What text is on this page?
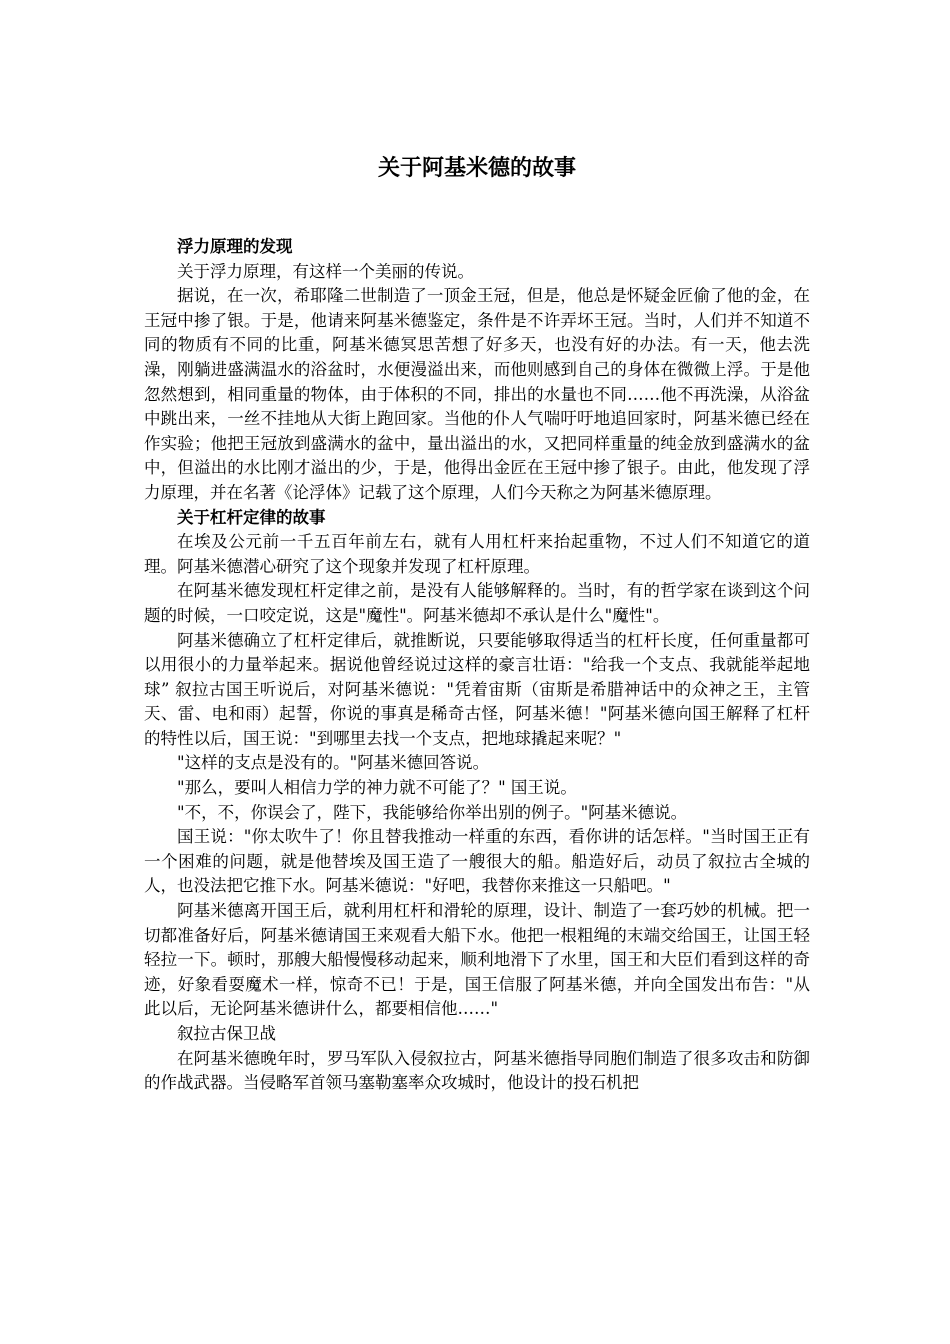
关于阿基米德的故事
浮力原理的发现

关于浮力原理，有这样一个美丽的传说。

据说，在一次，希耶隆二世制造了一顶金王冠，但是，他总是怀疑金匠偷了他的金，在王冠中掺了银。于是，他请来阿基米德鉴定，条件是不许弄坏王冠。当时，人们并不知道不同的物质有不同的比重，阿基米德冥思苦想了好多天，也没有好的办法。有一天，他去洗澡，刚躺进盛满温水的浴盆时，水便漫溢出来，而他则感到自己的身体在微微上浮。于是他忽然想到，相同重量的物体，由于体积的不同，排出的水量也不同……他不再洗澡，从浴盆中跳出来，一丝不挂地从大街上跑回家。当他的仆人气喘吁吁地追回家时，阿基米德已经在作实验；他把王冠放到盛满水的盆中，量出溢出的水，又把同样重量的纯金放到盛满水的盆中，但溢出的水比刚才溢出的少，于是，他得出金匠在王冠中掺了银子。由此，他发现了浮力原理，并在名著《论浮体》记载了这个原理，人们今天称之为阿基米德原理。

关于杠杆定律的故事

在埃及公元前一千五百年前左右，就有人用杠杆来抬起重物，不过人们不知道它的道理。阿基米德潜心研究了这个现象并发现了杠杆原理。

在阿基米德发现杠杆定律之前，是没有人能够解释的。当时，有的哲学家在谈到这个问题的时候，一口咬定说，这是"魔性"。阿基米德却不承认是什么"魔性"。

阿基米德确立了杠杆定律后，就推断说，只要能够取得适当的杠杆长度，任何重量都可以用很小的力量举起来。据说他曾经说过这样的豪言壮语："给我一个支点、我就能举起地球” 叙拉古国王听说后，对阿基米德说："凭着宙斯（宙斯是希腊神话中的众神之王，主管天、雷、电和雨）起誓，你说的事真是稀奇古怪，阿基米德！"阿基米德向国王解释了杠杆的特性以后，国王说："到哪里去找一个支点，把地球撬起来呢？"

"这样的支点是没有的。"阿基米德回答说。

"那么，要叫人相信力学的神力就不可能了？" 国王说。

"不，不，你误会了，陛下，我能够给你举出别的例子。"阿基米德说。

国王说："你太吹牛了！你且替我推动一样重的东西，看你讲的话怎样。"当时国王正有一个困难的问题，就是他替埃及国王造了一艘很大的船。船造好后，动员了叙拉古全城的人，也没法把它推下水。阿基米德说："好吧，我替你来推这一只船吧。"

阿基米德离开国王后，就利用杠杆和滑轮的原理，设计、制造了一套巧妙的机械。把一切都准备好后，阿基米德请国王来观看大船下水。他把一根粗绳的末端交给国王，让国王轻轻拉一下。顿时，那艘大船慢慢移动起来，顺利地滑下了水里，国王和大臣们看到这样的奇迹，好象看耍魔术一样，惊奇不已！于是，国王信服了阿基米德，并向全国发出布告："从此以后，无论阿基米德讲什么，都要相信他……"

叙拉古保卫战

在阿基米德晚年时，罗马军队入侵叙拉古，阿基米德指导同胞们制造了很多攻击和防御的作战武器。当侵略军首领马塞勒塞率众攻城时，他设计的投石机把
